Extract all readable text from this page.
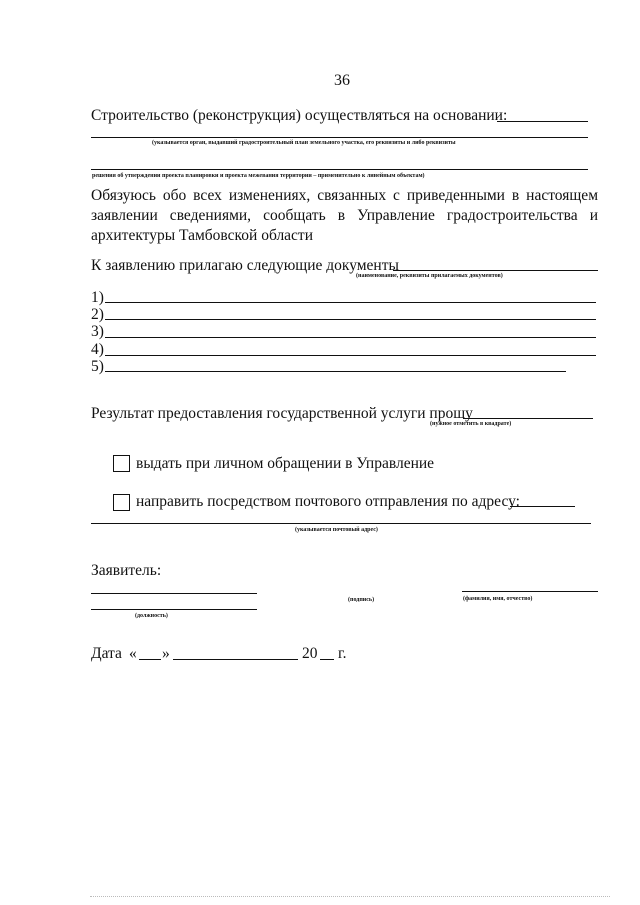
36
Строительство (реконструкция) осуществляться на основании:
(указывается орган, выдавший градостроительный план земельного участка, его реквизиты и либо реквизиты
решения об утверждении проекта планировки и проекта межевания территории – применительно к линейным объектам)
Обязуюсь обо всех изменениях, связанных с приведенными в настоящем заявлении сведениями, сообщать в Управление градостроительства и архитектуры Тамбовской области
К заявлению прилагаю следующие документы
(наименование, реквизиты прилагаемых документов)
1)
2)
3)
4)
5)
Результат предоставления государственной услуги прошу
(нужное отметить в квадрате)
выдать при личном обращении в Управление
направить посредством почтового отправления по адресу:
(указывается почтовый адрес)
Заявитель:
(подпись)	(фамилия, имя, отчество)
(должность)
Дата « »	20 г.
